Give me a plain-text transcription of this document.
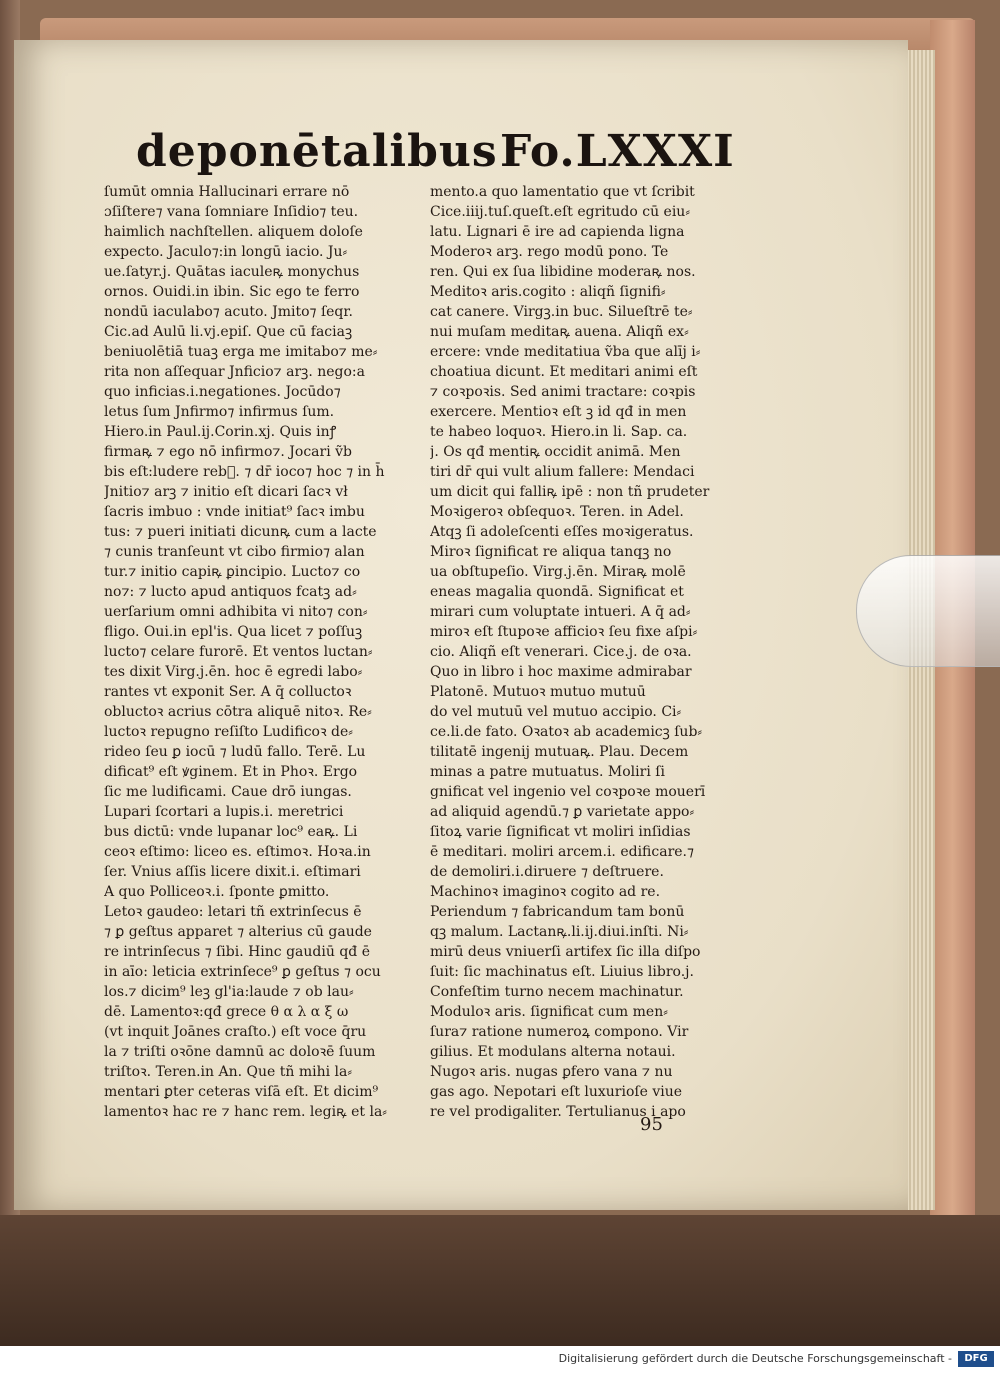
deponētalibus Fo.LXXXI
ſumūt omnia Hallucinari errare nō
ɔſiſtere⁊ vana ſomniare Inſidio⁊ teu.
haimlich nachſtellen. aliquem doloſe
expecto. Jaculo⁊:in longū iacio. Ju⸗
ue.ſatyr.j. Quātas iaculeꝶ monychus
ornos. Ouidi.in ibin. Sic ego te ferro
nondū iaculabo⁊ acuto. Jmito⁊ ſeqr.
Cic.ad Aulū li.vj.epiſ. Que cū faciaꝫ
beniuolētiā tuaꝫ erga me imitabo⁊ me⸗
rita non aſſequar Jnficio⁊ arꝫ. nego:a
quo inficias.i.negationes. Jocūdo⁊
letus ſum Jnfirmo⁊ infirmus ſum.
Hiero.in Paul.ij.Corin.xj. Quis inꝭ
firmaꝶ ⁊ ego nō infirmo⁊. Jocari ṽb
bis eſt:ludere reb᷑. ⁊ dr̄ ioco⁊ hoc ⁊ in h̄
Jnitio⁊ arꝫ ⁊ initio eſt dicari ſacꝛ vł
ſacris imbuo : vnde initiat⁹ ſacꝛ imbu
tus: ⁊ pueri initiati dicunꝶ cum a lacte
⁊ cunis tranſeunt vt cibo firmio⁊ alan
tur.⁊ initio capiꝶ ꝑincipio. Lucto⁊ co
no⁊: ⁊ lucto apud antiquos fcatꝫ ad⸗
uerſarium omni adhibita vi nito⁊ con⸗
fligo. Oui.in epl'is. Qua licet ⁊ poſſuꝫ
lucto⁊ celare furorē. Et ventos luctan⸗
tes dixit Virg.j.ēn. hoc ē egredi labo⸗
rantes vt exponit Ser. A q̄ colluctoꝛ
obluctoꝛ acrius cōtra aliquē nitoꝛ. Re⸗
luctoꝛ repugno reſiſto Ludificoꝛ de⸗
rideo ſeu ꝑ iocū ⁊ ludū fallo. Terē. Lu
dificat⁹ eſt ꝟginem. Et in Phoꝛ. Ergo
ſic me ludificami. Caue drō iungas.
Lupari ſcortari a lupis.i. meretrici
bus dictū: vnde lupanar loc⁹ eaꝶ. Li
ceoꝛ eſtimo: liceo es. eſtimoꝛ. Hoꝛa.in
ſer. Vnius aſſis licere dixit.i. eſtimari
A quo Polliceoꝛ.i. ſponte ꝑmitto.
Letoꝛ gaudeo: letari tñ extrinſecus ē
⁊ ꝑ geſtus apparet ⁊ alterius cū gaude
re intrinſecus ⁊ ſibi. Hinc gaudiū qđ ē
in aīo: leticia extrinſece⁹ ꝑ geſtus ⁊ ocu
los.⁊ dicim⁹ leꝫ gl'ia:laude ⁊ ob lau⸗
dē. Lamentoꝛ:qđ grece θ α λ α ξ ω
(vt inquit Joānes craſto.) eſt voce q̄ru
la ⁊ triſti oꝛōne damnū ac doloꝛē ſuum
triſtoꝛ. Teren.in An. Que tñ mihi la⸗
mentari ꝑter ceteras viſā eſt. Et dicim⁹
lamentoꝛ hac re ⁊ hanc rem. legiꝶ et la⸗
mento.a quo lamentatio que vt ſcribit
Cice.iiij.tuſ.queſt.eſt egritudo cū eiu⸗
latu. Lignari ē ire ad capienda ligna
Moderoꝛ arꝫ. rego modū pono. Te
ren. Qui ex ſua libidine moderaꝶ nos.
Meditoꝛ aris.cogito : aliqñ ſignifi⸗
cat canere. Virgꝫ.in buc. Silueſtrē te⸗
nui muſam meditaꝶ auena. Aliqñ ex⸗
ercere: vnde meditatiua ṽba que alīj i⸗
choatiua dicunt. Et meditari animi eſt
⁊ coꝛpoꝛis. Sed animi tractare: coꝛpis
exercere. Mentioꝛ eſt ꝫ id qđ in men
te habeo loquoꝛ. Hiero.in li. Sap. ca.
j. Os qđ mentiꝶ occidit animā. Men
tiri dr̄ qui vult alium fallere: Mendaci
um dicit qui falliꝶ ipē : non tñ prudeter
Moꝛigeroꝛ obſequoꝛ. Teren. in Adel.
Atqꝫ ſi adoleſcenti eſſes moꝛigeratus.
Miroꝛ ſignificat re aliqua tanqꝫ no
ua obſtupeſio. Virg.j.ēn. Miraꝶ molē
eneas magalia quondā. Significat et
mirari cum voluptate intueri. A q̄ ad⸗
miroꝛ eſt ſtupoꝛe afficioꝛ ſeu fixe aſpi⸗
cio. Aliqñ eſt venerari. Cice.j. de oꝛa.
Quo in libro i hoc maxime admirabar
Platonē. Mutuoꝛ mutuo mutuū
do vel mutuū vel mutuo accipio. Ci⸗
ce.li.de fato. Oꝛatoꝛ ab academicꝫ ſub⸗
tilitatē ingenij mutuaꝶ. Plau. Decem
minas a patre mutuatus. Moliri ſi
gnificat vel ingenio vel coꝛpoꝛe mouerī
ad aliquid agendū.⁊ ꝑ varietate appo⸗
ſitoꝝ varie ſignificat vt moliri inſidias
ē meditari. moliri arcem.i. edificare.⁊
de demoliri.i.diruere ⁊ deſtruere.
Machinoꝛ imaginoꝛ cogito ad re.
Periendum ⁊ fabricandum tam bonū
qꝫ malum. Lactanꝶ.li.ij.diui.inſti. Ni⸗
mirū deus vniuerſi artifex ſic illa diſpo
ſuit: ſic machinatus eſt. Liuius libro.j.
Confeſtim turno necem machinatur.
Moduloꝛ aris. ſignificat cum men⸗
ſura⁊ ratione numeroꝝ compono. Vir
gilius. Et modulans alterna notaui.
Nugoꝛ aris. nugas ꝑfero vana ⁊ nu
gas ago. Nepotari eſt luxurioſe viue
re vel prodigaliter. Tertulianus i apo
95
Digitalisierung gefördert durch die Deutsche Forschungsgemeinschaft -	DFG
